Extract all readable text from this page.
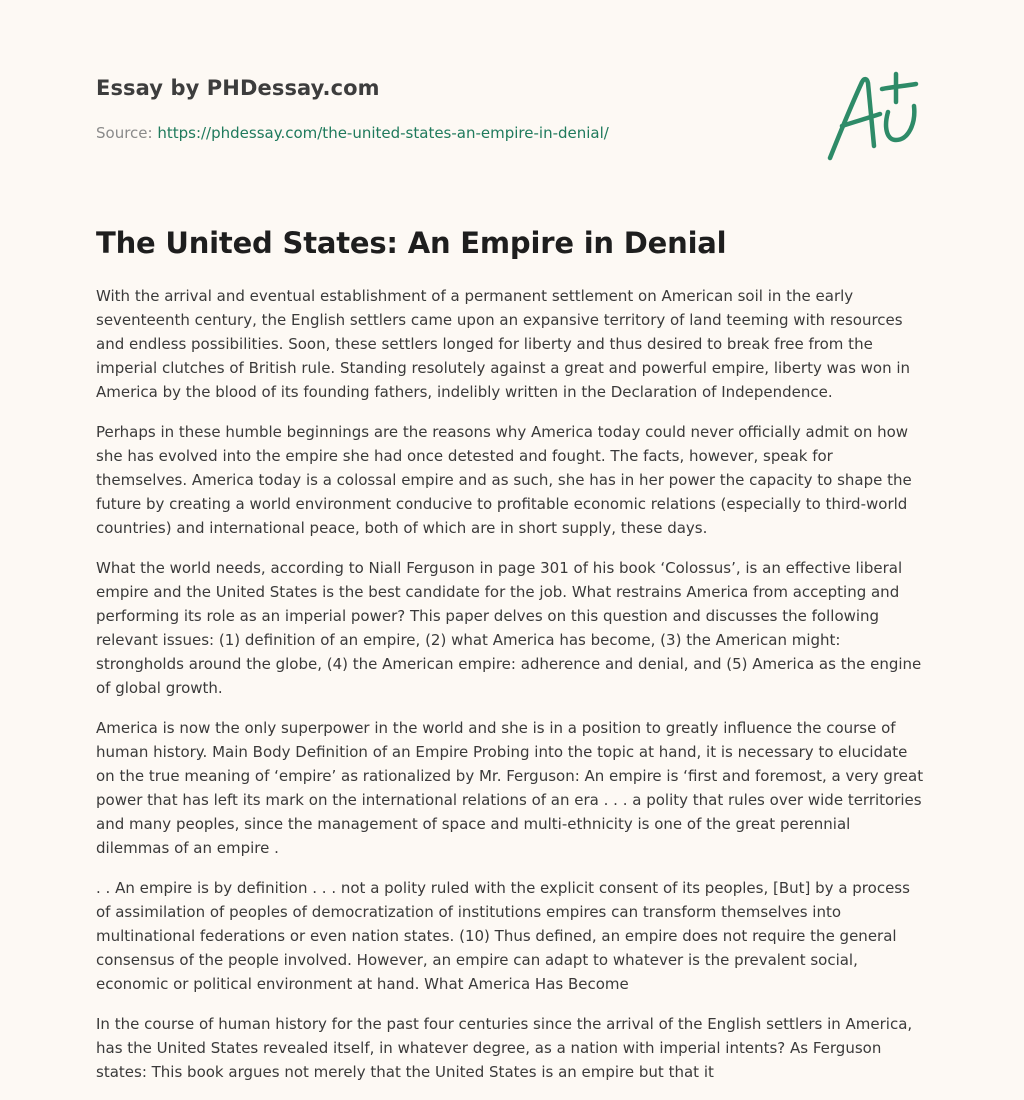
Essay by PHDessay.com
Source: https://phdessay.com/the-united-states-an-empire-in-denial/
The United States: An Empire in Denial

With the arrival and eventual establishment of a permanent settlement on American soil in the early seventeenth century, the English settlers came upon an expansive territory of land teeming with resources and endless possibilities. Soon, these settlers longed for liberty and thus desired to break free from the imperial clutches of British rule. Standing resolutely against a great and powerful empire, liberty was won in America by the blood of its founding fathers, indelibly written in the Declaration of Independence.

Perhaps in these humble beginnings are the reasons why America today could never officially admit on how she has evolved into the empire she had once detested and fought. The facts, however, speak for themselves. America today is a colossal empire and as such, she has in her power the capacity to shape the future by creating a world environment conducive to profitable economic relations (especially to third-world countries) and international peace, both of which are in short supply, these days.

What the world needs, according to Niall Ferguson in page 301 of his book ‘Colossus’, is an effective liberal empire and the United States is the best candidate for the job. What restrains America from accepting and performing its role as an imperial power? This paper delves on this question and discusses the following relevant issues: (1) definition of an empire, (2) what America has become, (3) the American might: strongholds around the globe, (4) the American empire: adherence and denial, and (5) America as the engine of global growth.

America is now the only superpower in the world and she is in a position to greatly influence the course of human history. Main Body Definition of an Empire Probing into the topic at hand, it is necessary to elucidate on the true meaning of ‘empire’ as rationalized by Mr. Ferguson: An empire is ‘first and foremost, a very great power that has left its mark on the international relations of an era . . . a polity that rules over wide territories and many peoples, since the management of space and multi-ethnicity is one of the great perennial dilemmas of an empire .

. . An empire is by definition . . . not a polity ruled with the explicit consent of its peoples, [But] by a process of assimilation of peoples of democratization of institutions empires can transform themselves into multinational federations or even nation states. (10) Thus defined, an empire does not require the general consensus of the people involved. However, an empire can adapt to whatever is the prevalent social, economic or political environment at hand. What America Has Become

In the course of human history for the past four centuries since the arrival of the English settlers in America, has the United States revealed itself, in whatever degree, as a nation with imperial intents? As Ferguson states: This book argues not merely that the United States is an empire but that it
